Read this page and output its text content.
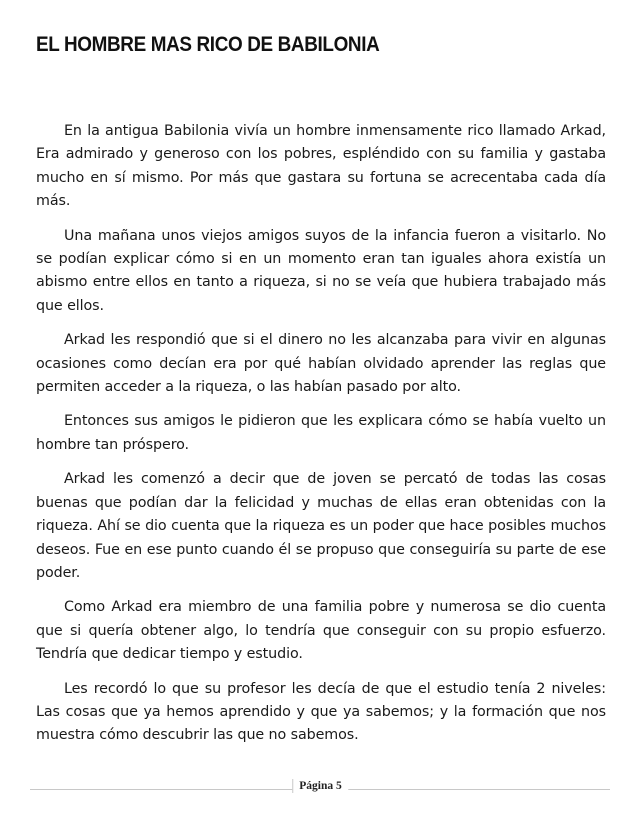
EL HOMBRE MAS RICO DE BABILONIA

En la antigua Babilonia vivía un hombre inmensamente rico llamado Arkad, Era admirado y generoso con los pobres, espléndido con su familia y gastaba mucho en sí mismo. Por más que gastara su fortuna se acrecentaba cada día más.

Una mañana unos viejos amigos suyos de la infancia fueron a visitarlo. No se podían explicar cómo si en un momento eran tan iguales ahora existía un abismo entre ellos en tanto a riqueza, si no se veía que hubiera trabajado más que ellos.

Arkad les respondió que si el dinero no les alcanzaba para vivir en algunas ocasiones como decían era por qué habían olvidado aprender las reglas que permiten acceder a la riqueza, o las habían pasado por alto.

Entonces sus amigos le pidieron que les explicara cómo se había vuelto un hombre tan próspero.

Arkad les comenzó a decir que de joven se percató de todas las cosas buenas que podían dar la felicidad y muchas de ellas eran obtenidas con la riqueza. Ahí se dio cuenta que la riqueza es un poder que hace posibles muchos deseos. Fue en ese punto cuando él se propuso que conseguiría su parte de ese poder.

Como Arkad era miembro de una familia pobre y numerosa se dio cuenta que si quería obtener algo, lo tendría que conseguir con su propio esfuerzo. Tendría que dedicar tiempo y estudio.

Les recordó lo que su profesor les decía de que el estudio tenía 2 niveles: Las cosas que ya hemos aprendido y que ya sabemos; y la formación que nos muestra cómo descubrir las que no sabemos.

Página 5
